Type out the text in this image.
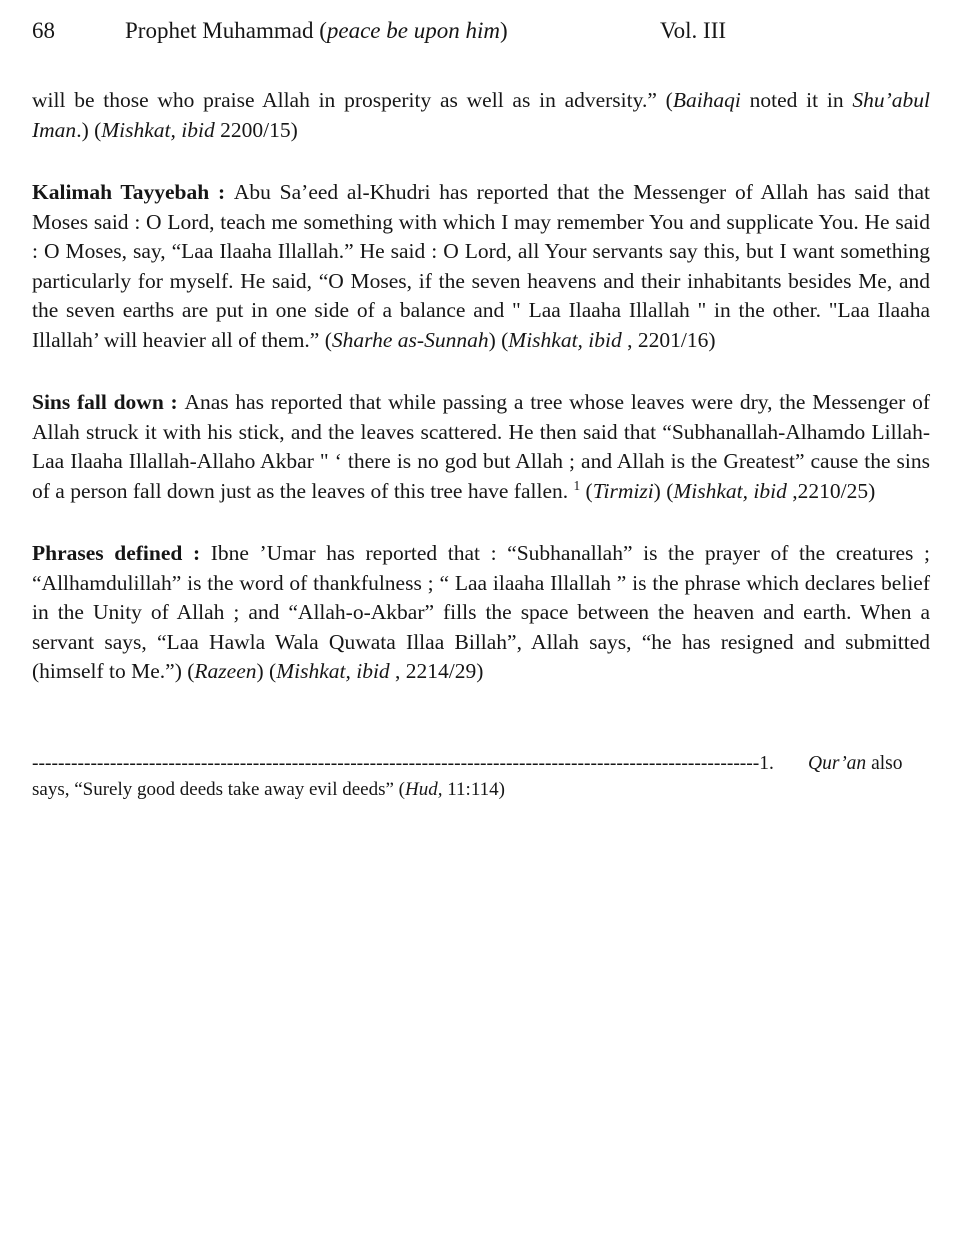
68	Prophet Muhammad (peace be upon him)	Vol. III

will be those who praise Allah in prosperity as well as in adversity.” (Baihaqi noted it in Shu’abul Iman.) (Mishkat, ibid 2200/15)

Kalimah Tayyebah : Abu Sa’eed al-Khudri has reported that the Messenger of Allah has said that Moses said : O Lord, teach me something with which I may remember You and supplicate You. He said : O Moses, say, “Laa Ilaaha Illallah.” He said : O Lord, all Your servants say this, but I want something particularly for myself. He said, “O Moses, if the seven heavens and their inhabitants besides Me, and the seven earths are put in one side of a balance and " Laa Ilaaha Illallah " in the other. "Laa Ilaaha Illallah’ will heavier all of them.” (Sharhe as-Sunnah) (Mishkat, ibid , 2201/16)

Sins fall down : Anas has reported that while passing a tree whose leaves were dry, the Messenger of Allah struck it with his stick, and the leaves scattered. He then said that “Subhanallah-Alhamdo Lillah-Laa Ilaaha Illallah-Allaho Akbar " ‘ there is no god but Allah ; and Allah is the Greatest” cause the sins of a person fall down just as the leaves of this tree have fallen. $^1$ (Tirmizi) (Mishkat, ibid ,2210/25)

Phrases defined : Ibne ’Umar has reported that : “Subhanallah” is the prayer of the creatures ; “Allhamdulillah” is the word of thankfulness ; “ Laa ilaaha Illallah ” is the phrase which declares belief in the Unity of Allah ; and “Allah-o-Akbar” fills the space between the heaven and earth. When a servant says, “Laa Hawla Wala Quwata Illaa Billah”, Allah says, “he has resigned and submitted (himself to Me.”) (Razeen) (Mishkat, ibid , 2214/29)

----------------------------------------------------------------------------------------------------------------1. Qur’an also
says, “Surely good deeds take away evil deeds” (Hud, 11:114)
